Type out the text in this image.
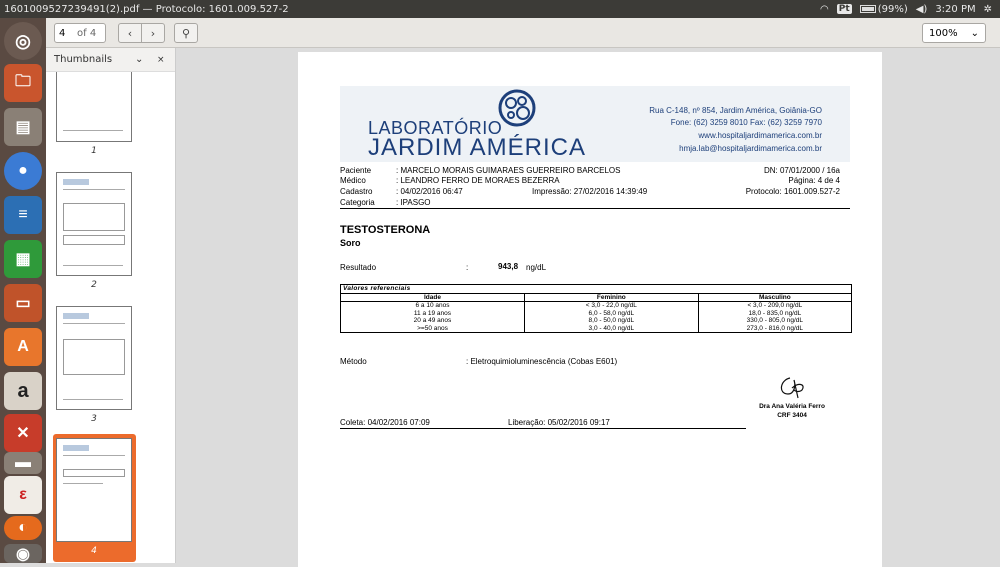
1601009527239491(2).pdf — Protocolo: 1601.009.527-2	◠ Pt	(99%) ◀) 3:20 PM ✲
◎
🗀
▤
●
≡
▦
▭
A
a
✕
▬
ε
◐
◉
4	of 4	‹ › ⚲	100% ⌄
Thumbnails	⌄	×
1
2
3
4
LABORATÓRIO
JARDIM AMÉRICA
Rua C-148, nº 854, Jardim América, Goiânia-GO
Fone: (62) 3259 8010 Fax: (62) 3259 7970
www.hospitaljardimamerica.com.br
hmja.lab@hospitaljardimamerica.com.br
Paciente	: MARCELO MORAIS GUIMARAES GUERREIRO BARCELOS	DN: 07/01/2000 / 16a
Médico	: LEANDRO FERRO DE MORAES BEZERRA	Página: 4 de 4
Cadastro	: 04/02/2016 06:47	Impressão: 27/02/2016 14:39:49	Protocolo: 1601.009.527-2
Categoria	: IPASGO
TESTOSTERONA
Soro
Resultado	:	943,8 ng/dL
Valores referenciais		
Idade	Feminino	Masculino
6 a 10 anos	< 3,0 - 22,0 ng/dL	< 3,0 - 209,0 ng/dL
11 a 19 anos	6,0 - 58,0 ng/dL	18,0 - 835,0 ng/dL
20 a 49 anos	8,0 - 50,0 ng/dL	330,0 - 805,0 ng/dL
>=50 anos	3,0 - 40,0 ng/dL	273,0 - 816,0 ng/dL
Método	: Eletroquimioluminescência (Cobas E601)
Dra Ana Valéria Ferro
CRF 3404
Coleta: 04/02/2016 07:09	Liberação: 05/02/2016 09:17
